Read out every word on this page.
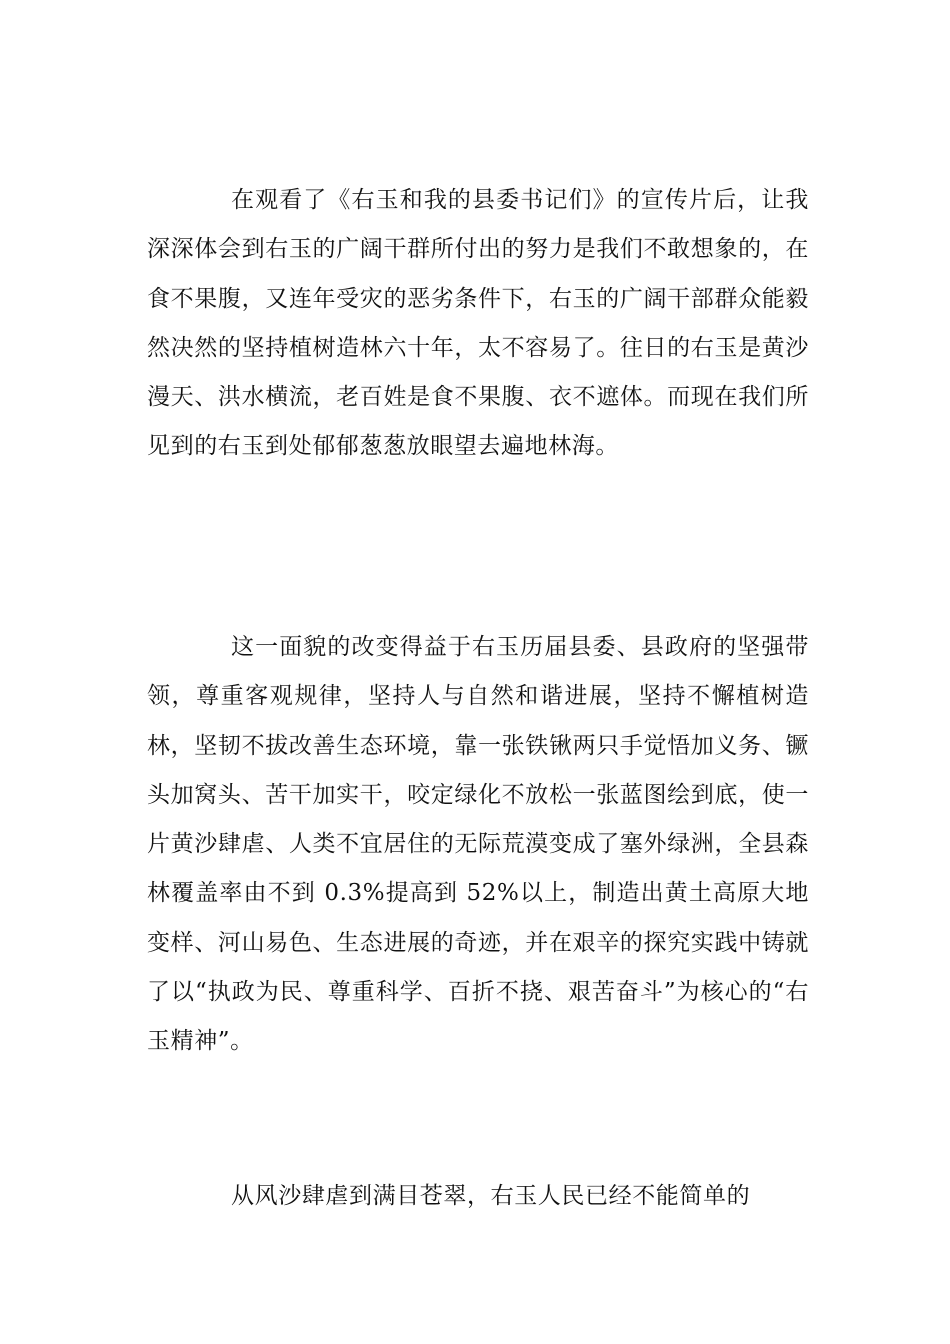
在观看了《右玉和我的县委书记们》的宣传片后，让我深深体会到右玉的广阔干群所付出的努力是我们不敢想象的，在食不果腹，又连年受灾的恶劣条件下，右玉的广阔干部群众能毅然决然的坚持植树造林六十年，太不容易了。往日的右玉是黄沙漫天、洪水横流，老百姓是食不果腹、衣不遮体。而现在我们所见到的右玉到处郁郁葱葱放眼望去遍地林海。

这一面貌的改变得益于右玉历届县委、县政府的坚强带领，尊重客观规律，坚持人与自然和谐进展，坚持不懈植树造林，坚韧不拔改善生态环境，靠一张铁锹两只手觉悟加义务、镢头加窝头、苦干加实干，咬定绿化不放松一张蓝图绘到底，使一片黄沙肆虐、人类不宜居住的无际荒漠变成了塞外绿洲，全县森林覆盖率由不到 0.3%提高到 52%以上，制造出黄土高原大地变样、河山易色、生态进展的奇迹，并在艰辛的探究实践中铸就了以“执政为民、尊重科学、百折不挠、艰苦奋斗”为核心的“右玉精神”。

从风沙肆虐到满目苍翠，右玉人民已经不能简单的
